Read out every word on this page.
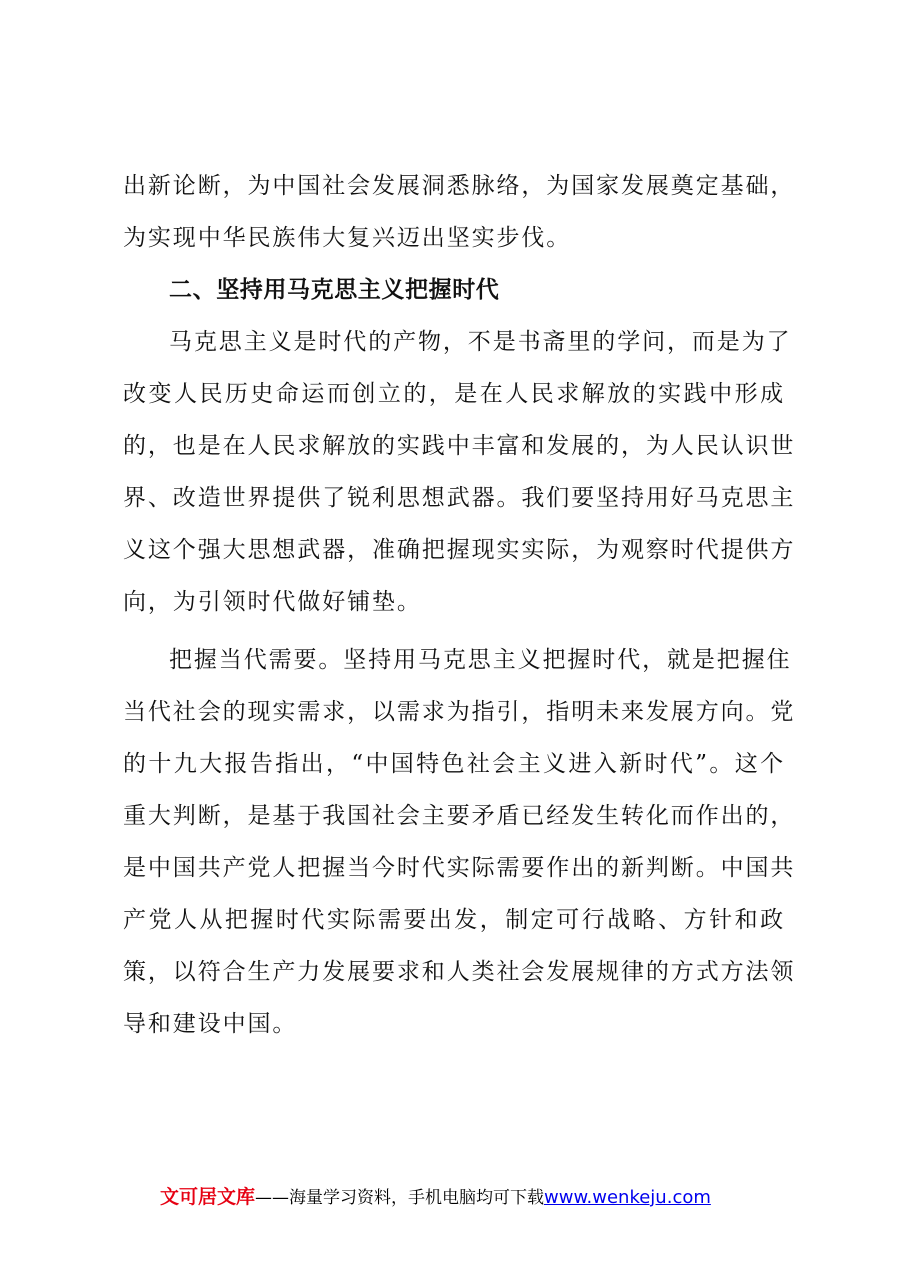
出新论断，为中国社会发展洞悉脉络，为国家发展奠定基础，
为实现中华民族伟大复兴迈出坚实步伐。
二、坚持用马克思主义把握时代
马克思主义是时代的产物，不是书斋里的学问，而是为了
改变人民历史命运而创立的，是在人民求解放的实践中形成
的，也是在人民求解放的实践中丰富和发展的，为人民认识世
界、改造世界提供了锐利思想武器。我们要坚持用好马克思主
义这个强大思想武器，准确把握现实实际，为观察时代提供方
向，为引领时代做好铺垫。
把握当代需要。坚持用马克思主义把握时代，就是把握住
当代社会的现实需求，以需求为指引，指明未来发展方向。党
的十九大报告指出，“中国特色社会主义进入新时代”。这个
重大判断，是基于我国社会主要矛盾已经发生转化而作出的，
是中国共产党人把握当今时代实际需要作出的新判断。中国共
产党人从把握时代实际需要出发，制定可行战略、方针和政
策，以符合生产力发展要求和人类社会发展规律的方式方法领
导和建设中国。
文可居文库——海量学习资料，手机电脑均可下载www.wenkeju.com
